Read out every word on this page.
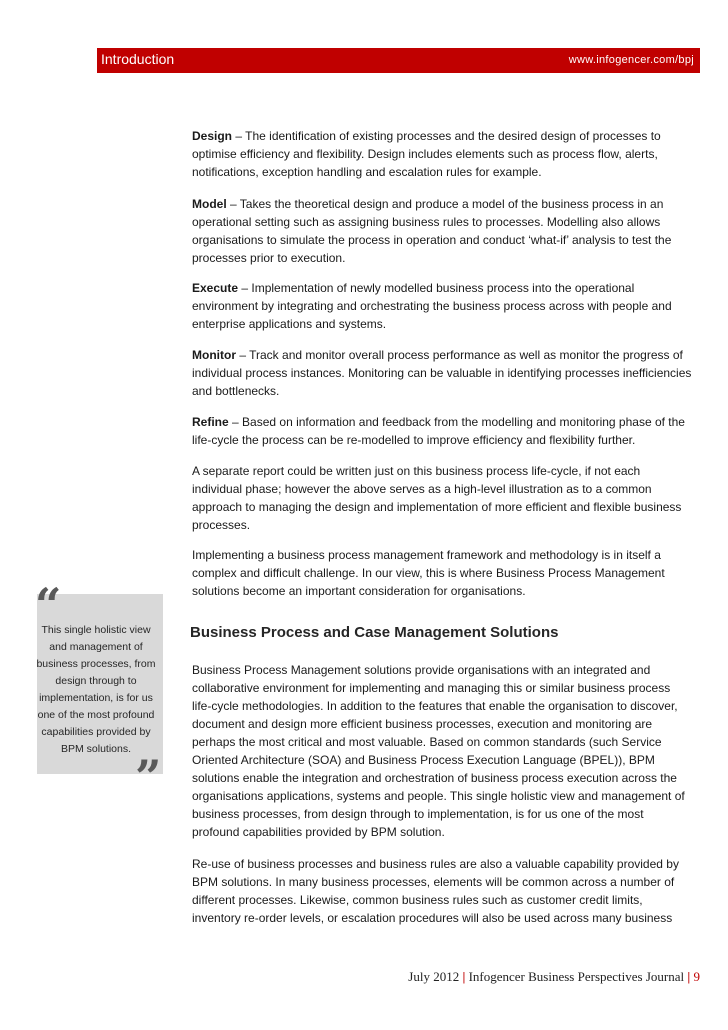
Introduction	www.infogencer.com/bpj

Design – The identification of existing processes and the desired design of processes to optimise efficiency and flexibility. Design includes elements such as process flow, alerts, notifications, exception handling and escalation rules for example.

Model – Takes the theoretical design and produce a model of the business process in an operational setting such as assigning business rules to processes. Modelling also allows organisations to simulate the process in operation and conduct ‘what-if’ analysis to test the processes prior to execution.

Execute – Implementation of newly modelled business process into the operational environment by integrating and orchestrating the business process across with people and enterprise applications and systems.

Monitor – Track and monitor overall process performance as well as monitor the progress of individual process instances. Monitoring can be valuable in identifying processes inefficiencies and bottlenecks.

Refine – Based on information and feedback from the modelling and monitoring phase of the life-cycle the process can be re-modelled to improve efficiency and flexibility further.

A separate report could be written just on this business process life-cycle, if not each individual phase; however the above serves as a high-level illustration as to a common approach to managing the design and implementation of more efficient and flexible business processes.

Implementing a business process management framework and methodology is in itself a complex and difficult challenge. In our view, this is where Business Process Management solutions become an important consideration for organisations.

“
This single holistic view and management of business processes, from design through to implementation, is for us one of the most profound capabilities provided by BPM solutions.
”
Business Process and Case Management Solutions

Business Process Management solutions provide organisations with an integrated and collaborative environment for implementing and managing this or similar business process life-cycle methodologies. In addition to the features that enable the organisation to discover, document and design more efficient business processes, execution and monitoring are perhaps the most critical and most valuable. Based on common standards (such Service Oriented Architecture (SOA) and Business Process Execution Language (BPEL)), BPM solutions enable the integration and orchestration of business process execution across the organisations applications, systems and people. This single holistic view and management of business processes, from design through to implementation, is for us one of the most profound capabilities provided by BPM solution.

Re-use of business processes and business rules are also a valuable capability provided by BPM solutions. In many business processes, elements will be common across a number of different processes. Likewise, common business rules such as customer credit limits, inventory re-order levels, or escalation procedures will also be used across many business

July 2012 | Infogencer Business Perspectives Journal | 9
